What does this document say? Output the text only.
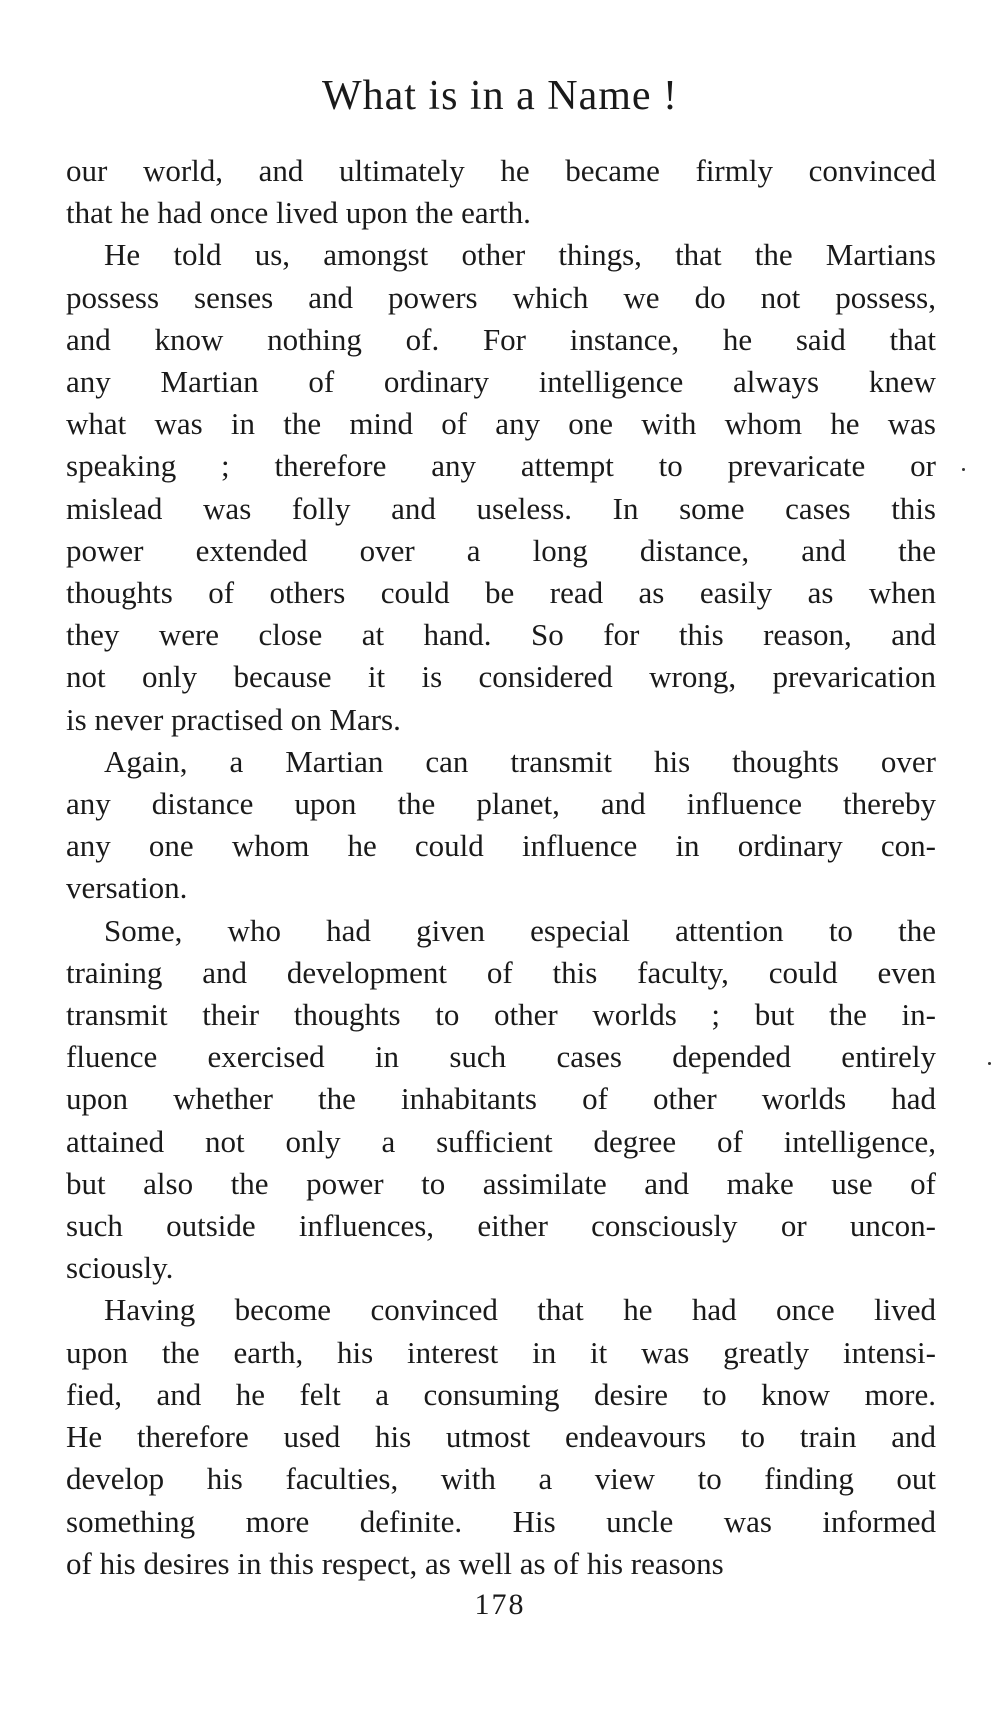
What is in a Name !

our world, and ultimately he became firmly convinced
that he had once lived upon the earth.

He told us, amongst other things, that the Martians
possess senses and powers which we do not possess,
and know nothing of. For instance, he said that
any Martian of ordinary intelligence always knew
what was in the mind of any one with whom he was
speaking ; therefore any attempt to prevaricate or
mislead was folly and useless. In some cases this
power extended over a long distance, and the
thoughts of others could be read as easily as when
they were close at hand. So for this reason, and
not only because it is considered wrong, prevarication
is never practised on Mars.

Again, a Martian can transmit his thoughts over
any distance upon the planet, and influence thereby
any one whom he could influence in ordinary con-
versation.

Some, who had given especial attention to the
training and development of this faculty, could even
transmit their thoughts to other worlds ; but the in-
fluence exercised in such cases depended entirely
upon whether the inhabitants of other worlds had
attained not only a sufficient degree of intelligence,
but also the power to assimilate and make use of
such outside influences, either consciously or uncon-
sciously.

Having become convinced that he had once lived
upon the earth, his interest in it was greatly intensi-
fied, and he felt a consuming desire to know more.
He therefore used his utmost endeavours to train and
develop his faculties, with a view to finding out
something more definite. His uncle was informed
of his desires in this respect, as well as of his reasons

178
